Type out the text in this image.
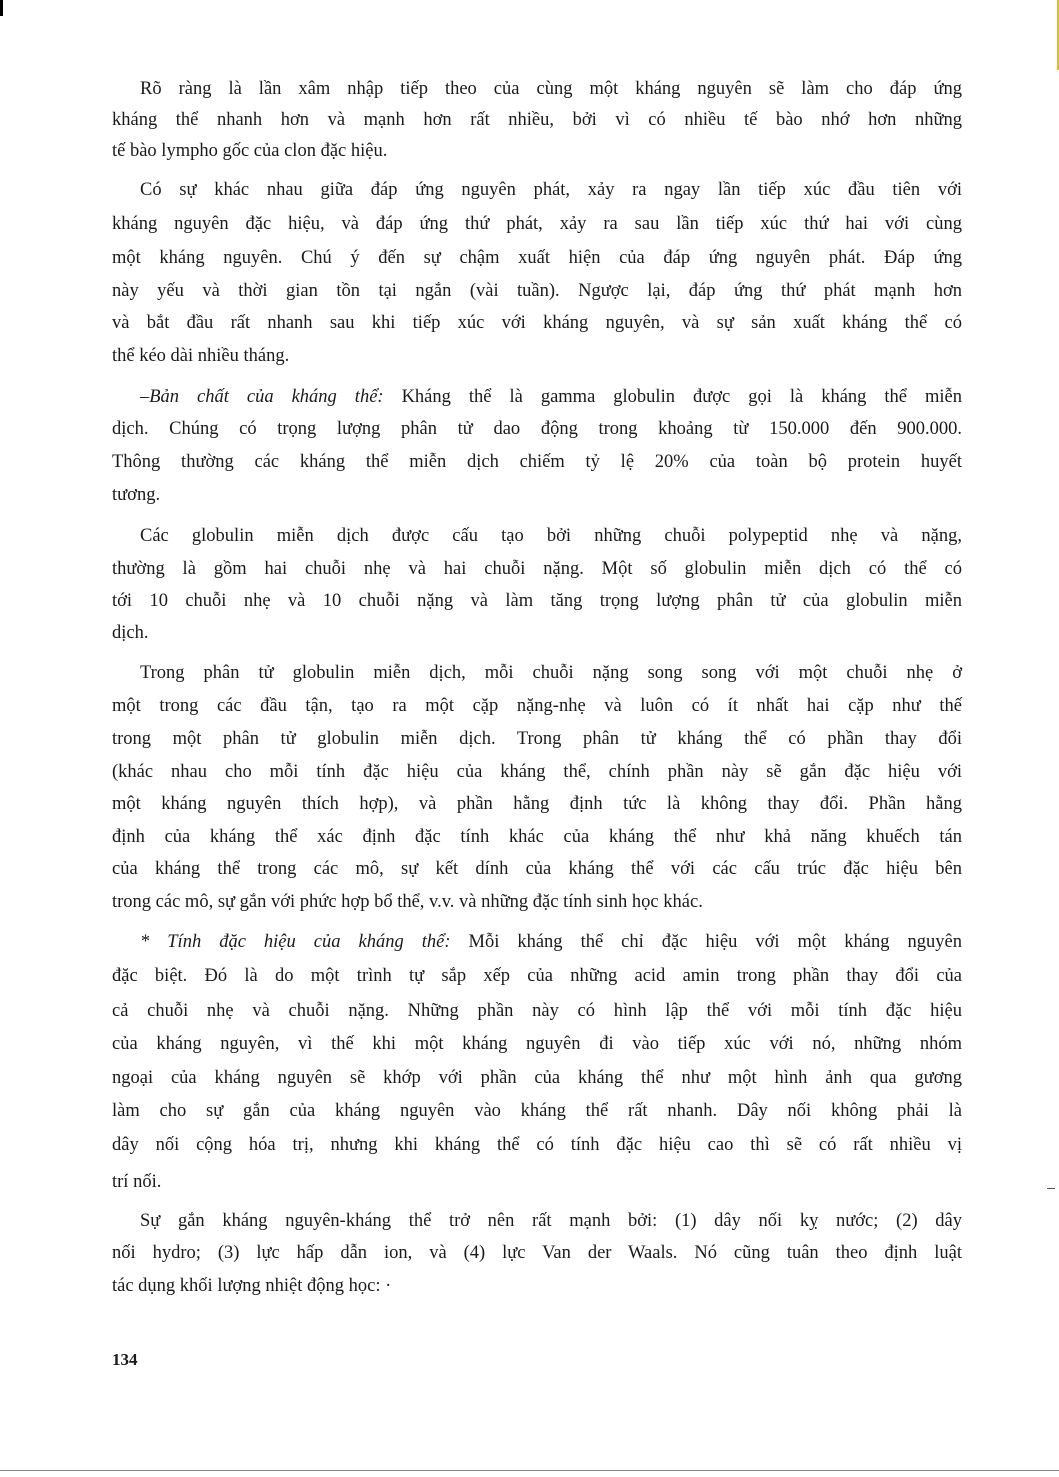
Rõ ràng là lần xâm nhập tiếp theo của cùng một kháng nguyên sẽ làm cho đáp ứng
kháng thể nhanh hơn và mạnh hơn rất nhiều, bởi vì có nhiều tế bào nhớ hơn những
tế bào lympho gốc của clon đặc hiệu.
Có sự khác nhau giữa đáp ứng nguyên phát, xảy ra ngay lần tiếp xúc đầu tiên với
kháng nguyên đặc hiệu, và đáp ứng thứ phát, xảy ra sau lần tiếp xúc thứ hai với cùng
một kháng nguyên. Chú ý đến sự chậm xuất hiện của đáp ứng nguyên phát. Đáp ứng
này yếu và thời gian tồn tại ngắn (vài tuần). Ngược lại, đáp ứng thứ phát mạnh hơn
và bắt đầu rất nhanh sau khi tiếp xúc với kháng nguyên, và sự sản xuất kháng thể có
thể kéo dài nhiều tháng.
–Bản chất của kháng thể: Kháng thể là gamma globulin được gọi là kháng thể miễn
dịch. Chúng có trọng lượng phân tử dao động trong khoảng từ 150.000 đến 900.000.
Thông thường các kháng thể miễn dịch chiếm tỷ lệ 20% của toàn bộ protein huyết
tương.
Các globulin miễn dịch được cấu tạo bởi những chuỗi polypeptid nhẹ và nặng,
thường là gồm hai chuỗi nhẹ và hai chuỗi nặng. Một số globulin miễn dịch có thể có
tới 10 chuỗi nhẹ và 10 chuỗi nặng và làm tăng trọng lượng phân tử của globulin miễn
dịch.
Trong phân tử globulin miễn dịch, mỗi chuỗi nặng song song với một chuỗi nhẹ ở
một trong các đầu tận, tạo ra một cặp nặng-nhẹ và luôn có ít nhất hai cặp như thế
trong một phân tử globulin miễn dịch. Trong phân tử kháng thể có phần thay đổi
(khác nhau cho mỗi tính đặc hiệu của kháng thể, chính phần này sẽ gắn đặc hiệu với
một kháng nguyên thích hợp), và phần hằng định tức là không thay đổi. Phần hằng
định của kháng thể xác định đặc tính khác của kháng thể như khả năng khuếch tán
của kháng thể trong các mô, sự kết dính của kháng thể với các cấu trúc đặc hiệu bên
trong các mô, sự gắn với phức hợp bổ thể, v.v. và những đặc tính sinh học khác.
* Tính đặc hiệu của kháng thể: Mỗi kháng thể chỉ đặc hiệu với một kháng nguyên
đặc biệt. Đó là do một trình tự sắp xếp của những acid amin trong phần thay đổi của
cả chuỗi nhẹ và chuỗi nặng. Những phần này có hình lập thể với mỗi tính đặc hiệu
của kháng nguyên, vì thế khi một kháng nguyên đi vào tiếp xúc với nó, những nhóm
ngoại của kháng nguyên sẽ khớp với phần của kháng thể như một hình ảnh qua gương
làm cho sự gắn của kháng nguyên vào kháng thể rất nhanh. Dây nối không phải là
dây nối cộng hóa trị, nhưng khi kháng thể có tính đặc hiệu cao thì sẽ có rất nhiều vị
trí nối.
Sự gắn kháng nguyên-kháng thể trở nên rất mạnh bởi: (1) dây nối kỵ nước; (2) dây
nối hydro; (3) lực hấp dẫn ion, và (4) lực Van der Waals. Nó cũng tuân theo định luật
tác dụng khối lượng nhiệt động học: ·
134
